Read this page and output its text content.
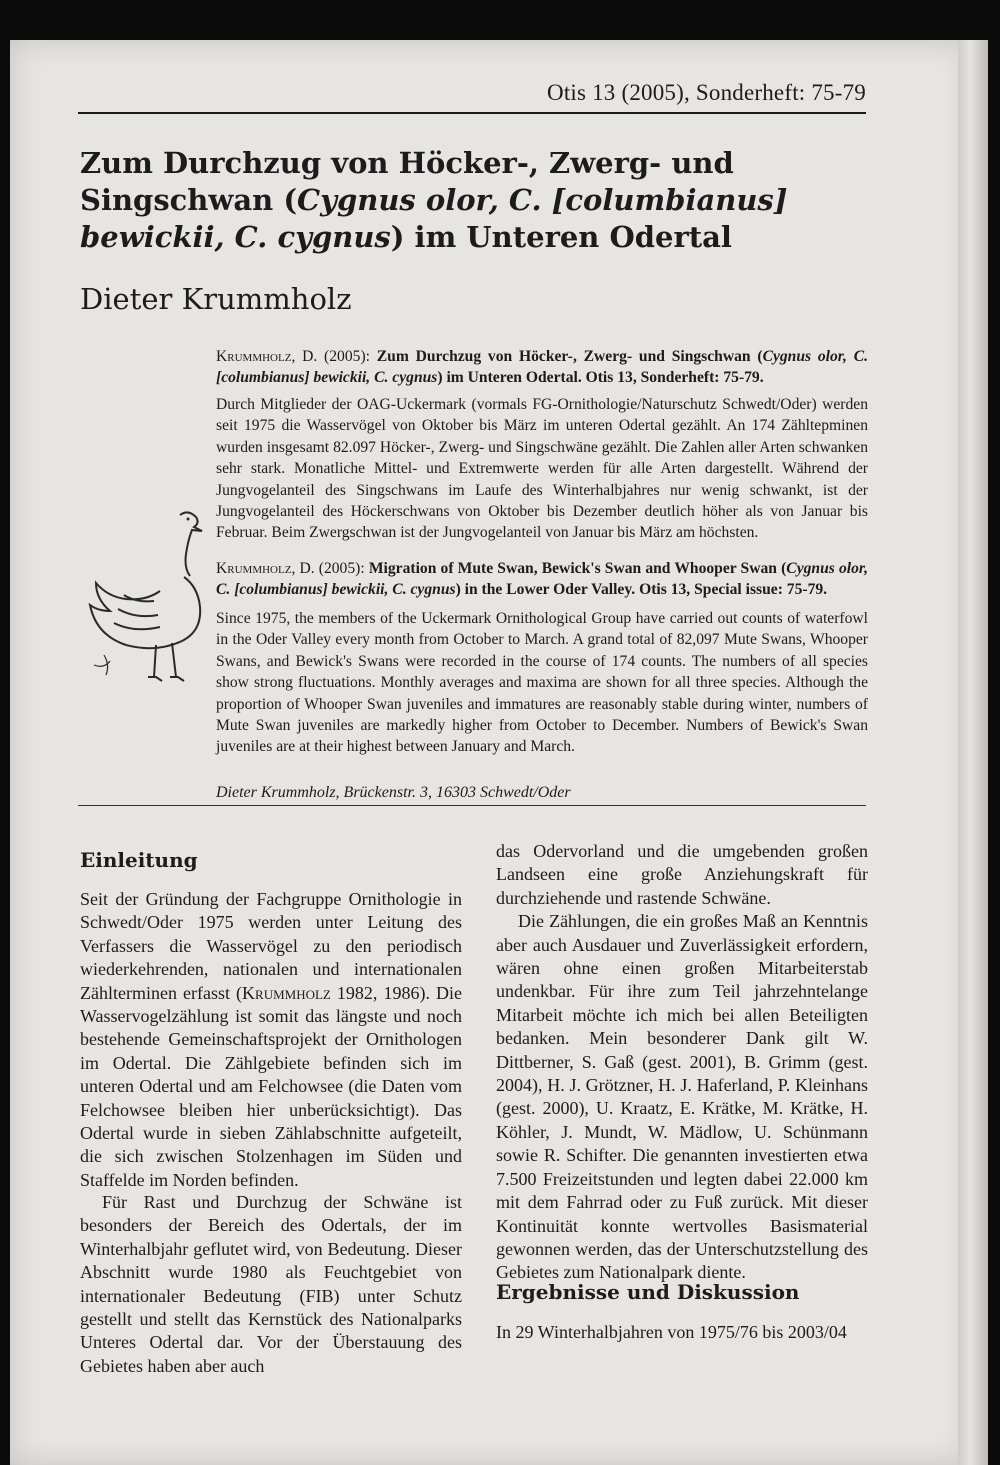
Otis 13 (2005), Sonderheft: 75-79
Zum Durchzug von Höcker-, Zwerg- und Singschwan (Cygnus olor, C. [columbianus] bewickii, C. cygnus) im Unteren Odertal
Dieter Krummholz

Krummholz, D. (2005): Zum Durchzug von Höcker-, Zwerg- und Singschwan (Cygnus olor, C. [columbianus] bewickii, C. cygnus) im Unteren Odertal. Otis 13, Sonderheft: 75-79.

Durch Mitglieder der OAG-Uckermark (vormals FG-Ornithologie/Naturschutz Schwedt/Oder) werden seit 1975 die Wasservögel von Oktober bis März im unteren Odertal gezählt. An 174 Zähltерminen wurden insgesamt 82.097 Höcker-, Zwerg- und Singschwäne gezählt. Die Zahlen aller Arten schwanken sehr stark. Monatliche Mittel- und Extremwerte werden für alle Arten dargestellt. Während der Jungvogelanteil des Singschwans im Laufe des Winterhalbjahres nur wenig schwankt, ist der Jungvogelanteil des Höckerschwans von Oktober bis Dezember deutlich höher als von Januar bis Februar. Beim Zwergschwan ist der Jungvogelanteil von Januar bis März am höchsten.

Krummholz, D. (2005): Migration of Mute Swan, Bewick's Swan and Whooper Swan (Cygnus olor, C. [columbianus] bewickii, C. cygnus) in the Lower Oder Valley. Otis 13, Special issue: 75-79.

Since 1975, the members of the Uckermark Ornithological Group have carried out counts of waterfowl in the Oder Valley every month from October to March. A grand total of 82,097 Mute Swans, Whooper Swans, and Bewick's Swans were recorded in the course of 174 counts. The numbers of all species show strong fluctuations. Monthly averages and maxima are shown for all three species. Although the proportion of Whooper Swan juveniles and immatures are reasonably stable during winter, numbers of Mute Swan juveniles are markedly higher from October to December. Numbers of Bewick's Swan juveniles are at their highest between January and March.

Dieter Krummholz, Brückenstr. 3, 16303 Schwedt/Oder
Einleitung

Seit der Gründung der Fachgruppe Ornithologie in Schwedt/Oder 1975 werden unter Leitung des Verfassers die Wasservögel zu den periodisch wiederkehrenden, nationalen und internationalen Zählterminen erfasst (Krummholz 1982, 1986). Die Wasservogelzählung ist somit das längste und noch bestehende Gemeinschaftsprojekt der Ornithologen im Odertal. Die Zählgebiete befinden sich im unteren Odertal und am Felchowsee (die Daten vom Felchowsee bleiben hier unberücksichtigt). Das Odertal wurde in sieben Zählabschnitte aufgeteilt, die sich zwischen Stolzenhagen im Süden und Staffelde im Norden befinden.

Für Rast und Durchzug der Schwäne ist besonders der Bereich des Odertals, der im Winterhalbjahr geflutet wird, von Bedeutung. Dieser Abschnitt wurde 1980 als Feuchtgebiet von internationaler Bedeutung (FIB) unter Schutz gestellt und stellt das Kernstück des Nationalparks Unteres Odertal dar. Vor der Überstauung des Gebietes haben aber auch

das Odervorland und die umgebenden großen Landseen eine große Anziehungskraft für durchziehende und rastende Schwäne.

Die Zählungen, die ein großes Maß an Kenntnis aber auch Ausdauer und Zuverlässigkeit erfordern, wären ohne einen großen Mitarbeiterstab undenkbar. Für ihre zum Teil jahrzehntelange Mitarbeit möchte ich mich bei allen Beteiligten bedanken. Mein besonderer Dank gilt W. Dittberner, S. Gaß (gest. 2001), B. Grimm (gest. 2004), H. J. Grötzner, H. J. Haferland, P. Kleinhans (gest. 2000), U. Kraatz, E. Krätke, M. Krätke, H. Köhler, J. Mundt, W. Mädlow, U. Schünmann sowie R. Schifter. Die genannten investierten etwa 7.500 Freizeitstunden und legten dabei 22.000 km mit dem Fahrrad oder zu Fuß zurück. Mit dieser Kontinuität konnte wertvolles Basismaterial gewonnen werden, das der Unterschutzstellung des Gebietes zum Nationalpark diente.

Ergebnisse und Diskussion

In 29 Winterhalbjahren von 1975/76 bis 2003/04
